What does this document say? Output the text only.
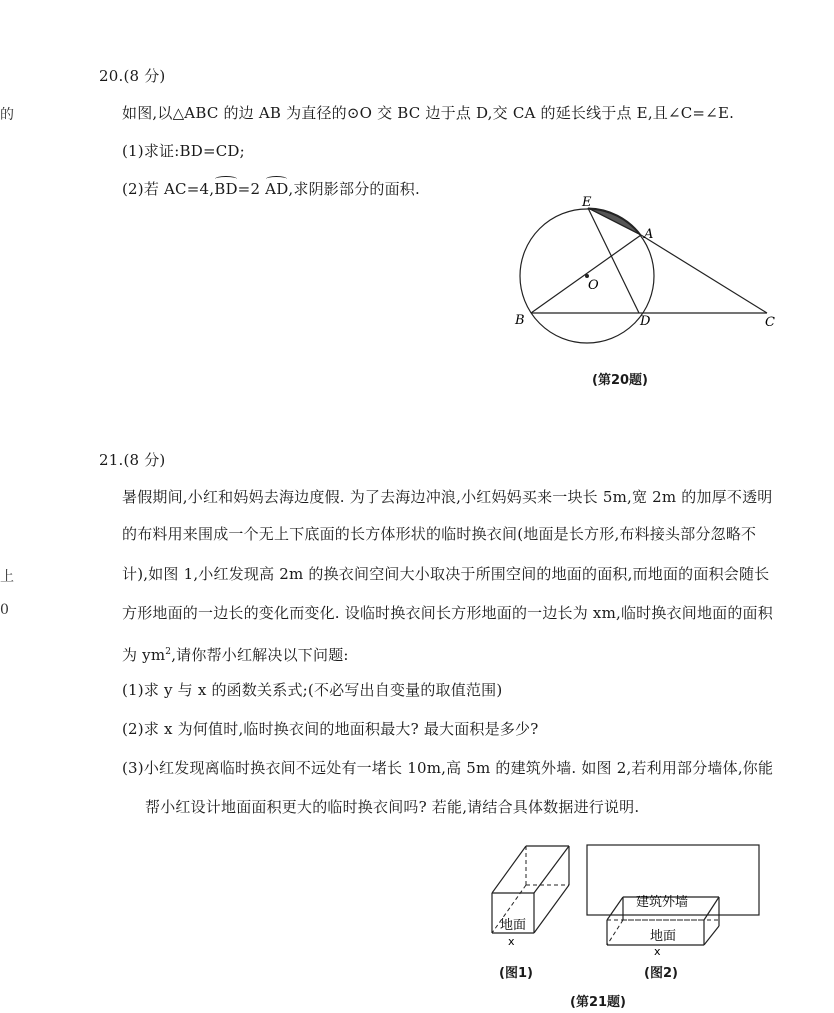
的
上
0
20.(8 分)
如图,以△ABC 的边 AB 为直径的⊙O 交 BC 边于点 D,交 CA 的延长线于点 E,且∠C=∠E.
(1)求证:BD=CD;
(2)若 AC=4,BD=2 AD,求阴影部分的面积.
E
A
O
B	D	C
(第20题)
21.(8 分)
暑假期间,小红和妈妈去海边度假. 为了去海边冲浪,小红妈妈买来一块长 5m,宽 2m 的加厚不透明
的布料用来围成一个无上下底面的长方体形状的临时换衣间(地面是长方形,布料接头部分忽略不
计),如图 1,小红发现高 2m 的换衣间空间大小取决于所围空间的地面的面积,而地面的面积会随长
方形地面的一边长的变化而变化. 设临时换衣间长方形地面的一边长为 xm,临时换衣间地面的面积
为 $ym^2$,请你帮小红解决以下问题:
(1)求 y 与 x 的函数关系式;(不必写出自变量的取值范围)
(2)求 x 为何值时,临时换衣间的地面积最大? 最大面积是多少?
(3)小红发现离临时换衣间不远处有一堵长 10m,高 5m 的建筑外墙. 如图 2,若利用部分墙体,你能
帮小红设计地面面积更大的临时换衣间吗? 若能,请结合具体数据进行说明.
地面
x
(图1)
建筑外墙
地面
x
(图2)
(第21题)
